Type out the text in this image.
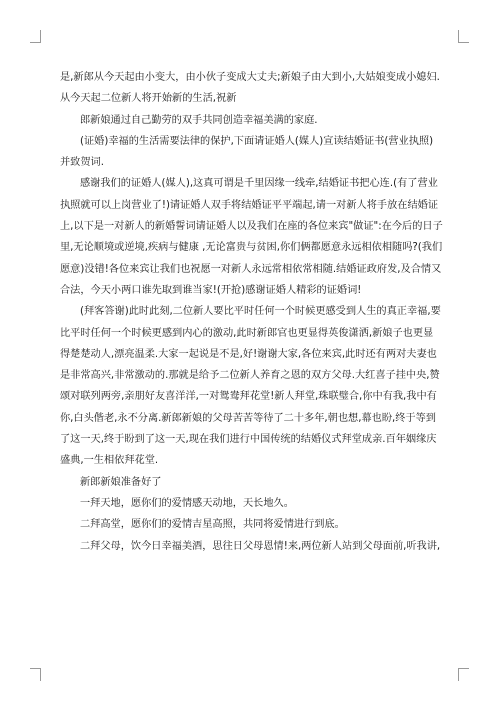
是,新郎从今天起由小变大，由小伙子变成大丈夫;新娘子由大到小,大姑娘变成小媳妇.

从今天起二位新人将开始新的生活,祝新

郎新娘通过自己勤劳的双手共同创造幸福美满的家庭.

(证婚)幸福的生活需要法律的保护,下面请证婚人(媒人)宣读结婚证书(营业执照)

并致贺词.

感谢我们的证婚人(媒人),这真可谓是千里因缘一线牵,结婚证书把心连.(有了营业

执照就可以上岗营业了!)请证婚人双手将结婚证平平端起,请一对新人将手放在结婚证

上,以下是一对新人的新婚誓词请证婚人以及我们在座的各位来宾"做证":在今后的日子

里,无论顺境或逆境,疾病与健康 ,无论富贵与贫困,你们俩都愿意永远相依相随吗?(我们

愿意)没错!各位来宾让我们也祝愿一对新人永远常相依常相随.结婚证政府发,及合情又

合法，今天小两口谁先取到谁当家!(开抢)感谢证婚人精彩的证婚词!

(拜客答谢)此时此刻,二位新人要比平时任何一个时候更感受到人生的真正幸福,要

比平时任何一个时候更感到内心的激动,此时新郎官也更显得英俊潇洒,新娘子也更显

得楚楚动人,漂亮温柔.大家一起说是不是,好!谢谢大家,各位来宾,此时还有两对夫妻也

是非常高兴,非常激动的.那就是给予二位新人养育之恩的双方父母.大红喜子挂中央,赞

颂对联列两旁,亲朋好友喜洋洋,一对鸳鸯拜花堂!新人拜堂,珠联璧合,你中有我,我中有

你,白头偕老,永不分离.新郎新娘的父母苦苦等待了二十多年,朝也想,幕也盼,终于等到

了这一天,终于盼到了这一天,现在我们进行中国传统的结婚仪式拜堂成亲.百年姻缘庆

盛典,一生相依拜花堂.

新郎新娘准备好了

一拜天地，愿你们的爱情感天动地，天长地久。

二拜高堂，愿你们的爱情吉星高照，共同将爱情进行到底。

二拜父母，饮今日幸福美酒，思往日父母恩情!来,两位新人站到父母面前,听我讲,
